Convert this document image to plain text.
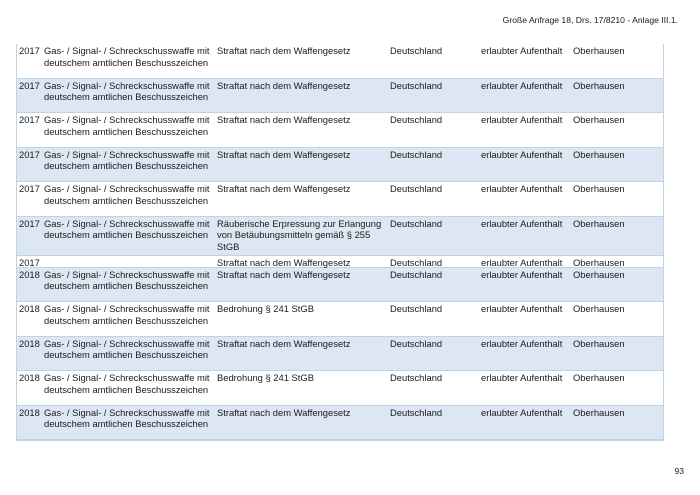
Große Anfrage 18, Drs. 17/8210 - Anlage III.1.
2017 Gas- / Signal- / Schreckschusswaffe mit deutschem amtlichen Beschusszeichen
Straftat nach dem Waffengesetz	Deutschland	erlaubter Aufenthalt	Oberhausen
2017 Gas- / Signal- / Schreckschusswaffe mit deutschem amtlichen Beschusszeichen
Straftat nach dem Waffengesetz	Deutschland	erlaubter Aufenthalt	Oberhausen
2017 Gas- / Signal- / Schreckschusswaffe mit deutschem amtlichen Beschusszeichen
Straftat nach dem Waffengesetz	Deutschland	erlaubter Aufenthalt	Oberhausen
2017 Gas- / Signal- / Schreckschusswaffe mit deutschem amtlichen Beschusszeichen
Straftat nach dem Waffengesetz	Deutschland	erlaubter Aufenthalt	Oberhausen
2017 Gas- / Signal- / Schreckschusswaffe mit deutschem amtlichen Beschusszeichen
Straftat nach dem Waffengesetz	Deutschland	erlaubter Aufenthalt	Oberhausen
2017 Gas- / Signal- / Schreckschusswaffe mit deutschem amtlichen Beschusszeichen
Räuberische Erpressung zur Erlangung von Betäubungsmitteln gemäß § 255 StGB
Deutschland	erlaubter Aufenthalt	Oberhausen
2017	Straftat nach dem Waffengesetz	Deutschland	erlaubter Aufenthalt	Oberhausen
2018 Gas- / Signal- / Schreckschusswaffe mit deutschem amtlichen Beschusszeichen
Straftat nach dem Waffengesetz	Deutschland	erlaubter Aufenthalt	Oberhausen
2018 Gas- / Signal- / Schreckschusswaffe mit deutschem amtlichen Beschusszeichen
Bedrohung § 241 StGB	Deutschland	erlaubter Aufenthalt	Oberhausen
2018 Gas- / Signal- / Schreckschusswaffe mit deutschem amtlichen Beschusszeichen
Straftat nach dem Waffengesetz	Deutschland	erlaubter Aufenthalt	Oberhausen
2018 Gas- / Signal- / Schreckschusswaffe mit deutschem amtlichen Beschusszeichen
Bedrohung § 241 StGB	Deutschland	erlaubter Aufenthalt	Oberhausen
2018 Gas- / Signal- / Schreckschusswaffe mit deutschem amtlichen Beschusszeichen
Straftat nach dem Waffengesetz	Deutschland	erlaubter Aufenthalt	Oberhausen
93
